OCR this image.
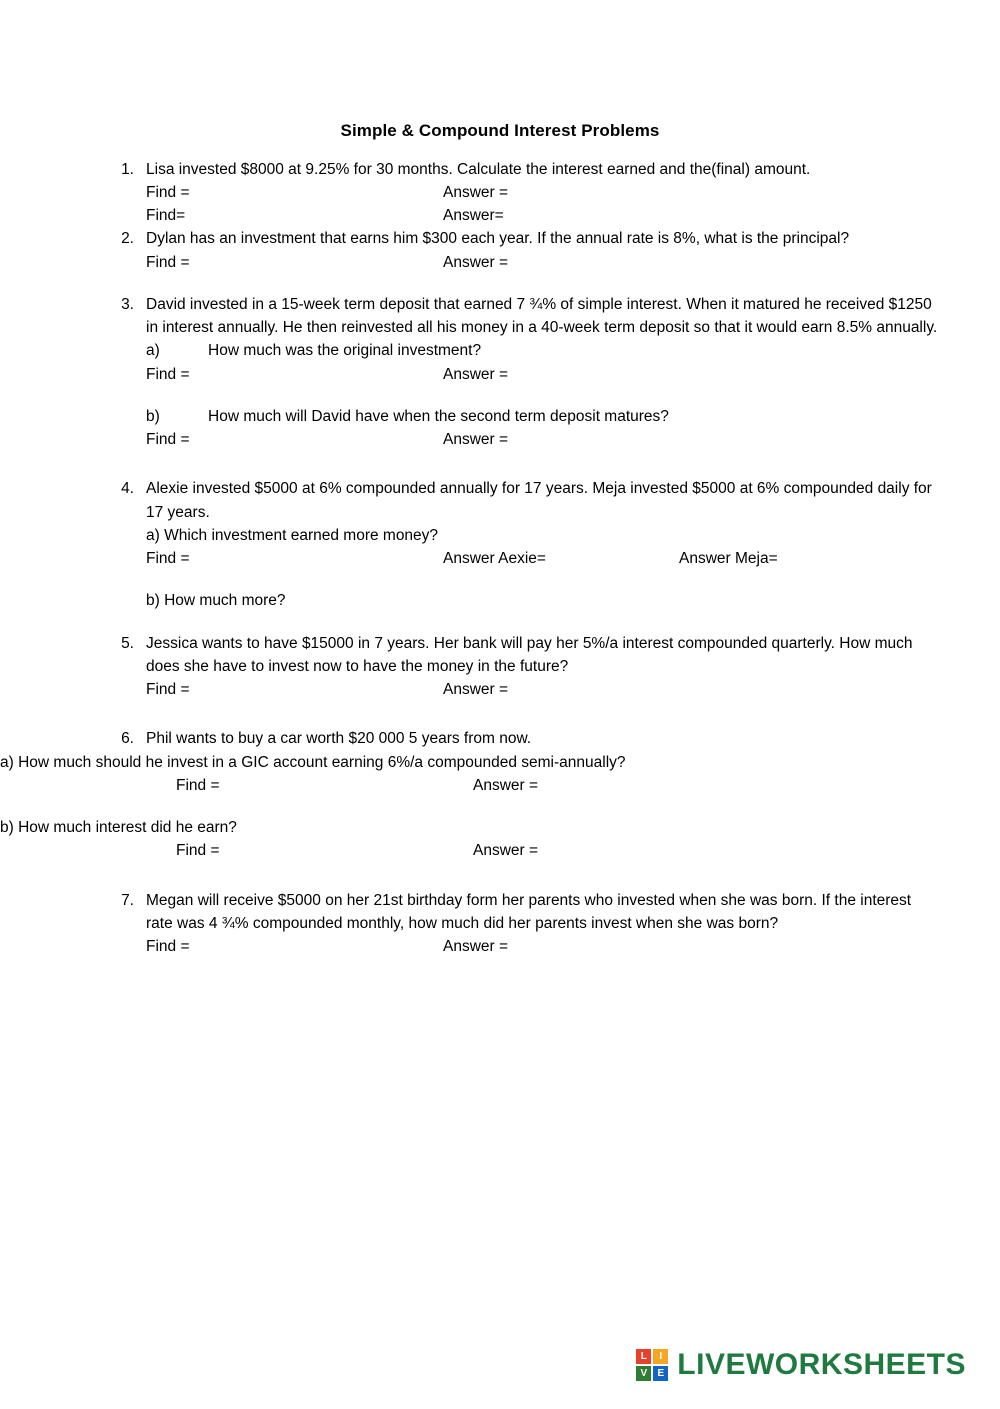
Simple & Compound Interest Problems
1. Lisa invested $8000 at 9.25% for 30 months. Calculate the interest earned and the(final) amount.

Find =	Answer =
Find=	Answer=
2. Dylan has an investment that earns him $300 each year. If the annual rate is 8%, what is the principal?

Find =	Answer =
3. David invested in a 15-week term deposit that earned 7 ¾% of simple interest. When it matured he received $1250 in interest annually. He then reinvested all his money in a 40-week term deposit so that it would earn 8.5% annually.

a)	How much was the original investment?

Find =	Answer =

b)	How much will David have when the second term deposit matures?

Find =	Answer =
4. Alexie invested $5000 at 6% compounded annually for 17 years. Meja invested $5000 at 6% compounded daily for 17 years.

a) Which investment earned more money?

Find =	Answer Aexie=	Answer Meja=

b) How much more?

5. Jessica wants to have $15000 in 7 years. Her bank will pay her 5%/a interest compounded quarterly. How much does she have to invest now to have the money in the future?

Find =	Answer =
6. Phil wants to buy a car worth $20 000 5 years from now.

a) How much should he invest in a GIC account earning 6%/a compounded semi-annually?

Find =	Answer =

b) How much interest did he earn?

Find =	Answer =
7. Megan will receive $5000 on her 21st birthday form her parents who invested when she was born. If the interest rate was 4 ¾% compounded monthly, how much did her parents invest when she was born?

Find =	Answer =
L	I
V	E LIVEWORKSHEETS
